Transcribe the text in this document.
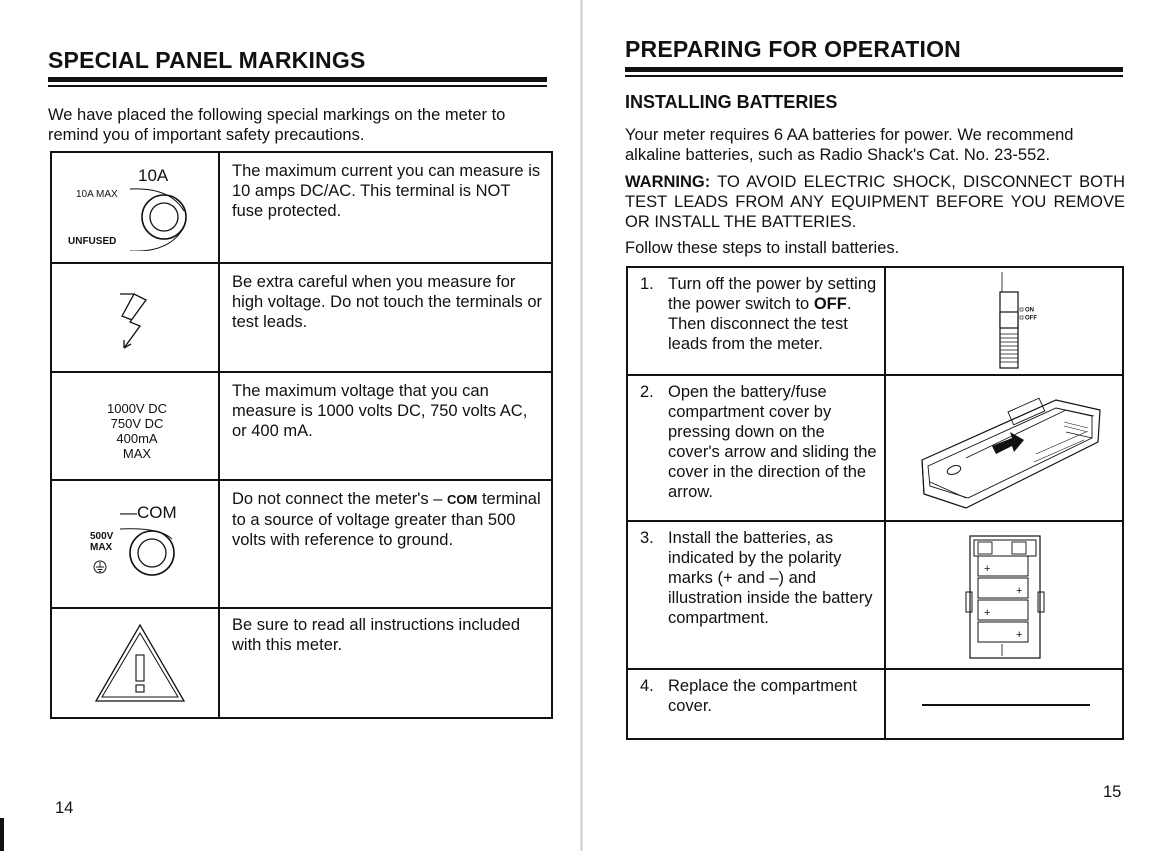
SPECIAL PANEL MARKINGS
We have placed the following special markings on the meter to remind you of important safety precautions.
10A
10A MAX
UNFUSED
The maximum current you can measure is 10 amps DC/AC. This terminal is NOT fuse protected.
Be extra careful when you measure for high voltage. Do not touch the terminals or test leads.
1000V DC
750V DC
400mA
MAX
The maximum voltage that you can measure is 1000 volts DC, 750 volts AC, or 400 mA.
—COM
500V
MAX
Do not connect the meter's – COM terminal to a source of voltage greater than 500 volts with reference to ground.
Be sure to read all instructions included with this meter.
14
PREPARING FOR OPERATION
INSTALLING BATTERIES
Your meter requires 6 AA batteries for power. We recommend alkaline batteries, such as Radio Shack's Cat. No. 23-552.
WARNING: TO AVOID ELECTRIC SHOCK, DISCONNECT BOTH TEST LEADS FROM ANY EQUIPMENT BEFORE YOU REMOVE OR INSTALL THE BATTERIES.
Follow these steps to install batteries.
1. Turn off the power by setting the power switch to OFF. Then disconnect the test leads from the meter.
ON
OFF
2. Open the battery/fuse compartment cover by pressing down on the cover's arrow and sliding the cover in the direction of the arrow.
3. Install the batteries, as indicated by the polarity marks (+ and –) and illustration inside the battery compartment.
+
+
+
+
4. Replace the compartment cover.
15
